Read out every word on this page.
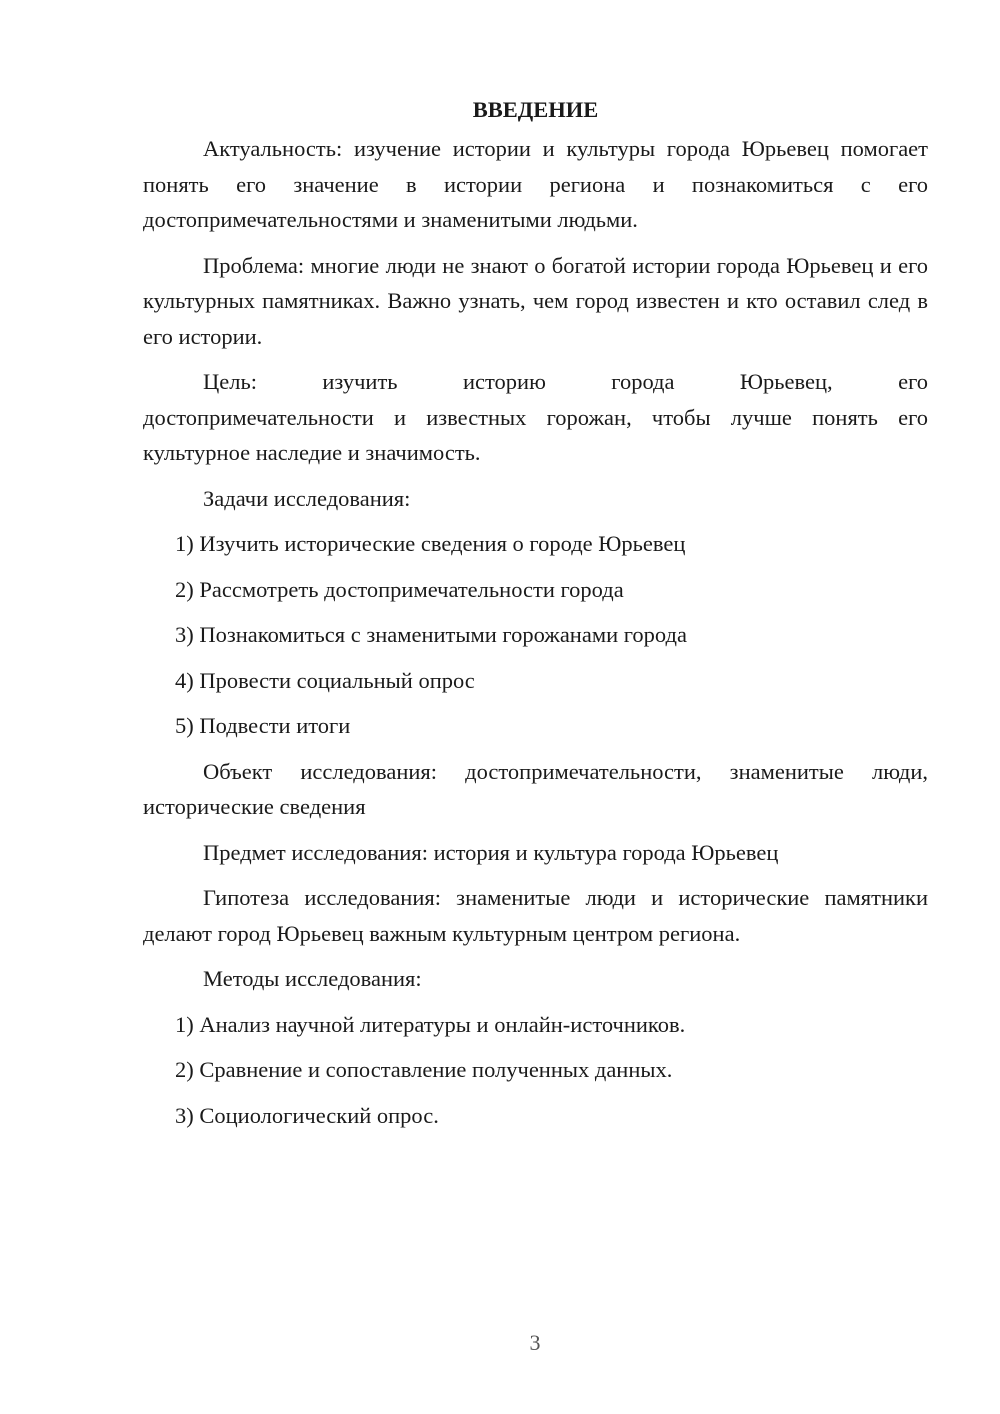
ВВЕДЕНИЕ

Актуальность: изучение истории и культуры города Юрьевец помогает понять его значение в истории региона и познакомиться с его достопримечательностями и знаменитыми людьми.

Проблема: многие люди не знают о богатой истории города Юрьевец и его культурных памятниках. Важно узнать, чем город известен и кто оставил след в его истории.

Цель: изучить историю города Юрьевец, его

достопримечательности и известных горожан, чтобы лучше понять его культурное наследие и значимость.

Задачи исследования:

1) Изучить исторические сведения о городе Юрьевец
2) Рассмотреть достопримечательности города
3) Познакомиться с знаменитыми горожанами города
4) Провести социальный опрос
5) Подвести итоги

Объект исследования: достопримечательности, знаменитые люди, исторические сведения

Предмет исследования: история и культура города Юрьевец

Гипотеза исследования: знаменитые люди и исторические памятники делают город Юрьевец важным культурным центром региона.

Методы исследования:

1) Анализ научной литературы и онлайн-источников.
2) Сравнение и сопоставление полученных данных.
3) Социологический опрос.
3
